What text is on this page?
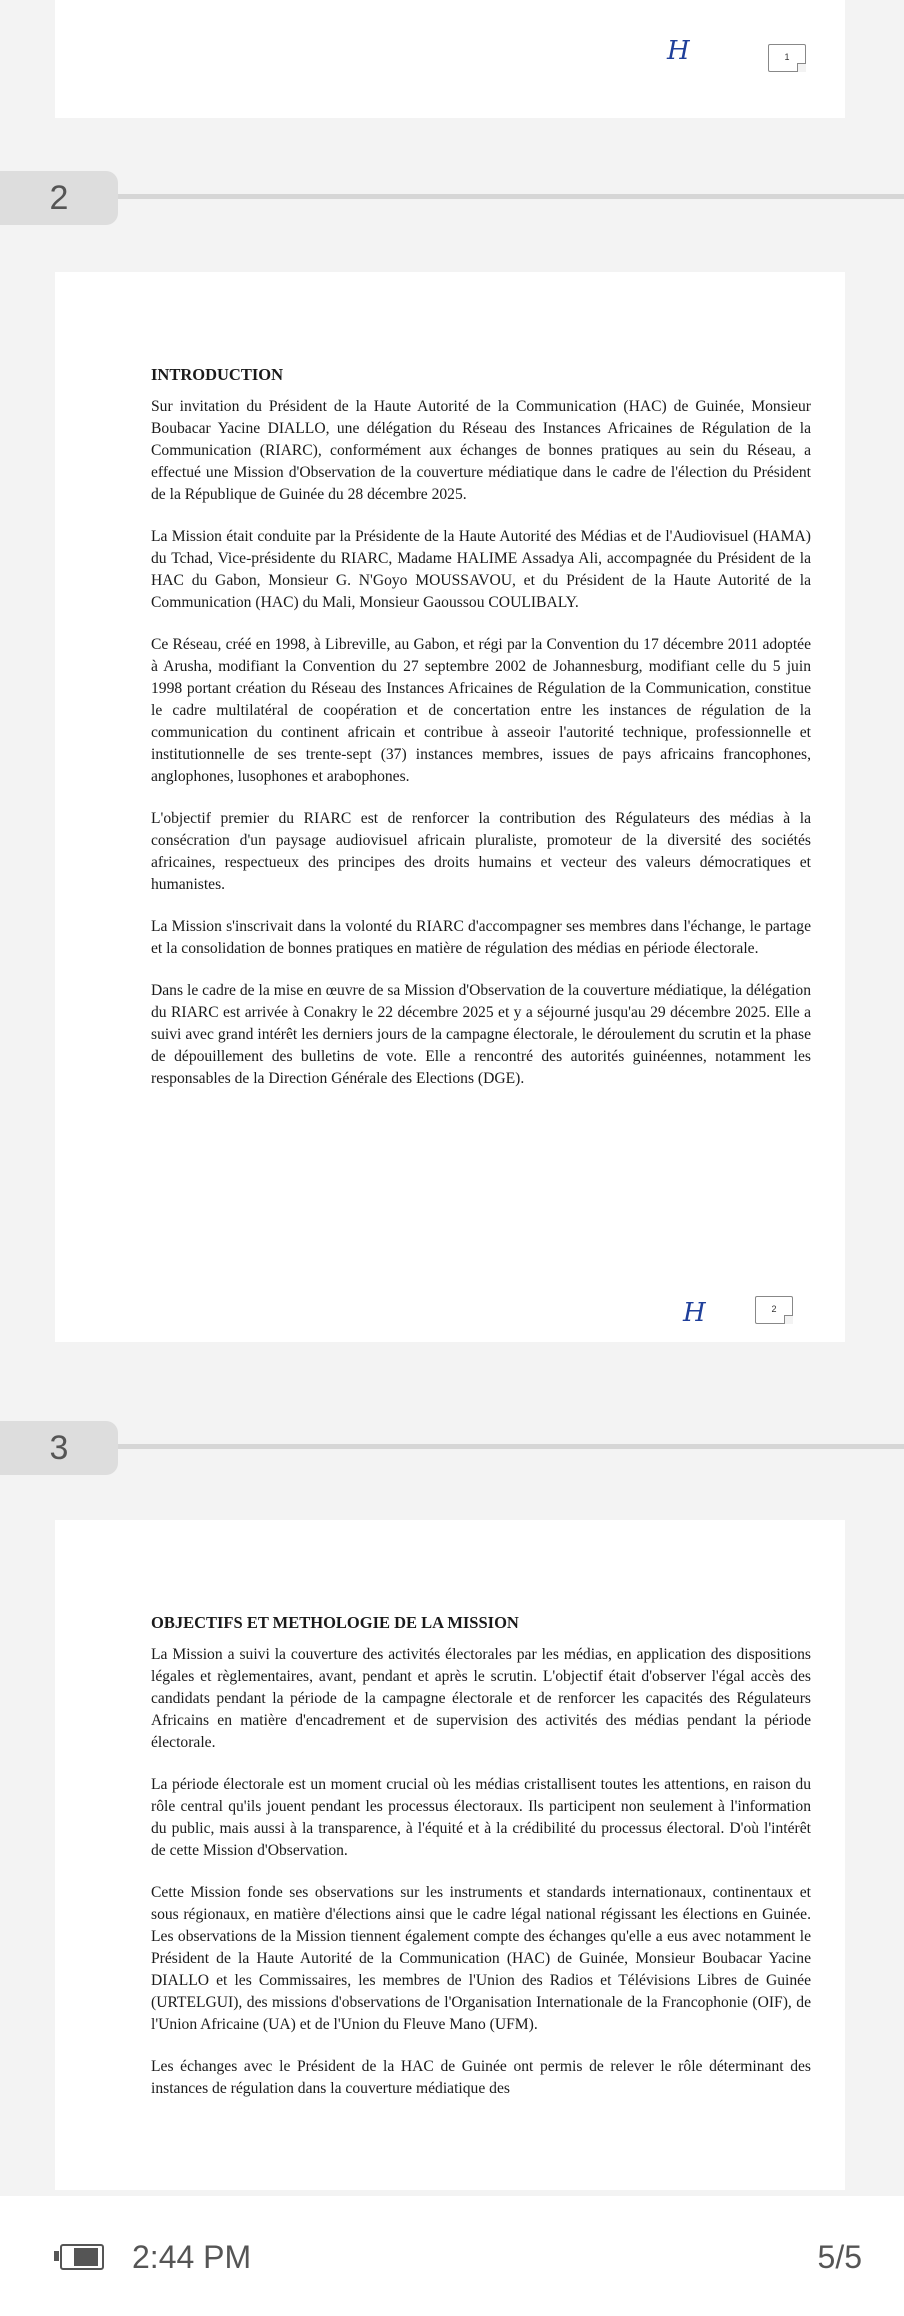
H	1
2
INTRODUCTION

Sur invitation du Président de la Haute Autorité de la Communication (HAC) de Guinée, Monsieur Boubacar Yacine DIALLO, une délégation du Réseau des Instances Africaines de Régulation de la Communication (RIARC), conformément aux échanges de bonnes pratiques au sein du Réseau, a effectué une Mission d'Observation de la couverture médiatique dans le cadre de l'élection du Président de la République de Guinée du 28 décembre 2025.

La Mission était conduite par la Présidente de la Haute Autorité des Médias et de l'Audiovisuel (HAMA) du Tchad, Vice-présidente du RIARC, Madame HALIME Assadya Ali, accompagnée du Président de la HAC du Gabon, Monsieur G. N'Goyo MOUSSAVOU, et du Président de la Haute Autorité de la Communication (HAC) du Mali, Monsieur Gaoussou COULIBALY.

Ce Réseau, créé en 1998, à Libreville, au Gabon, et régi par la Convention du 17 décembre 2011 adoptée à Arusha, modifiant la Convention du 27 septembre 2002 de Johannesburg, modifiant celle du 5 juin 1998 portant création du Réseau des Instances Africaines de Régulation de la Communication, constitue le cadre multilatéral de coopération et de concertation entre les instances de régulation de la communication du continent africain et contribue à asseoir l'autorité technique, professionnelle et institutionnelle de ses trente-sept (37) instances membres, issues de pays africains francophones, anglophones, lusophones et arabophones.

L'objectif premier du RIARC est de renforcer la contribution des Régulateurs des médias à la consécration d'un paysage audiovisuel africain pluraliste, promoteur de la diversité des sociétés africaines, respectueux des principes des droits humains et vecteur des valeurs démocratiques et humanistes.

La Mission s'inscrivait dans la volonté du RIARC d'accompagner ses membres dans l'échange, le partage et la consolidation de bonnes pratiques en matière de régulation des médias en période électorale.

Dans le cadre de la mise en œuvre de sa Mission d'Observation de la couverture médiatique, la délégation du RIARC est arrivée à Conakry le 22 décembre 2025 et y a séjourné jusqu'au 29 décembre 2025. Elle a suivi avec grand intérêt les derniers jours de la campagne électorale, le déroulement du scrutin et la phase de dépouillement des bulletins de vote. Elle a rencontré des autorités guinéennes, notamment les responsables de la Direction Générale des Elections (DGE).

H	2
3
OBJECTIFS ET METHOLOGIE DE LA MISSION

La Mission a suivi la couverture des activités électorales par les médias, en application des dispositions légales et règlementaires, avant, pendant et après le scrutin. L'objectif était d'observer l'égal accès des candidats pendant la période de la campagne électorale et de renforcer les capacités des Régulateurs Africains en matière d'encadrement et de supervision des activités des médias pendant la période électorale.

La période électorale est un moment crucial où les médias cristallisent toutes les attentions, en raison du rôle central qu'ils jouent pendant les processus électoraux. Ils participent non seulement à l'information du public, mais aussi à la transparence, à l'équité et à la crédibilité du processus électoral. D'où l'intérêt de cette Mission d'Observation.

Cette Mission fonde ses observations sur les instruments et standards internationaux, continentaux et sous régionaux, en matière d'élections ainsi que le cadre légal national régissant les élections en Guinée. Les observations de la Mission tiennent également compte des échanges qu'elle a eus avec notamment le Président de la Haute Autorité de la Communication (HAC) de Guinée, Monsieur Boubacar Yacine DIALLO et les Commissaires, les membres de l'Union des Radios et Télévisions Libres de Guinée (URTELGUI), des missions d'observations de l'Organisation Internationale de la Francophonie (OIF), de l'Union Africaine (UA) et de l'Union du Fleuve Mano (UFM).

Les échanges avec le Président de la HAC de Guinée ont permis de relever le rôle déterminant des instances de régulation dans la couverture médiatique des

2:44 PM	5/5
